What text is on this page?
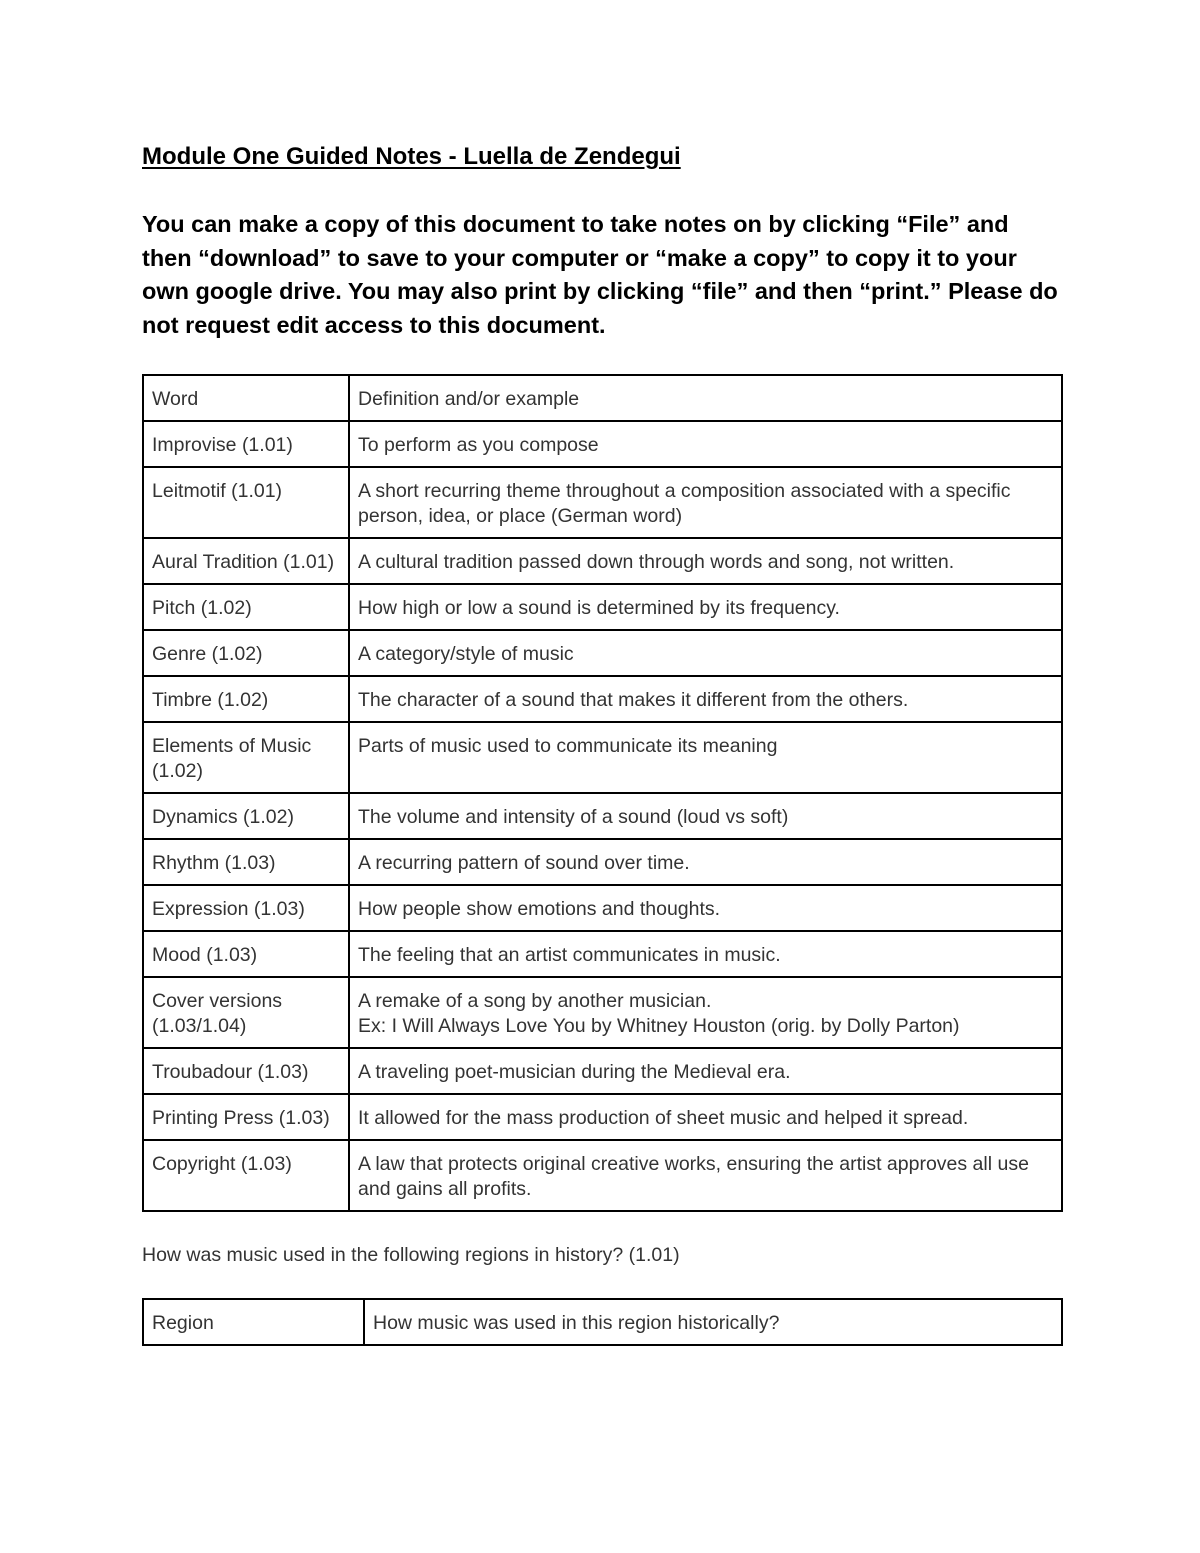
Module One Guided Notes - Luella de Zendegui

You can make a copy of this document to take notes on by clicking “File” and then “download” to save to your computer or “make a copy” to copy it to your own google drive. You may also print by clicking “file” and then “print.” Please do not request edit access to this document.

Word	Definition and/or example
Improvise (1.01)	To perform as you compose
Leitmotif (1.01)	A short recurring theme throughout a composition associated with a specific person, idea, or place (German word)
Aural Tradition (1.01)	A cultural tradition passed down through words and song, not written.
Pitch (1.02)	How high or low a sound is determined by its frequency.
Genre (1.02)	A category/style of music
Timbre (1.02)	The character of a sound that makes it different from the others.
Elements of Music (1.02)	Parts of music used to communicate its meaning
Dynamics (1.02)	The volume and intensity of a sound (loud vs soft)
Rhythm (1.03)	A recurring pattern of sound over time.
Expression (1.03)	How people show emotions and thoughts.
Mood (1.03)	The feeling that an artist communicates in music.
Cover versions (1.03/1.04)	A remake of a song by another musician.
Ex: I Will Always Love You by Whitney Houston (orig. by Dolly Parton)

Troubadour (1.03)	A traveling poet-musician during the Medieval era.
Printing Press (1.03)	It allowed for the mass production of sheet music and helped it spread.
Copyright (1.03)	A law that protects original creative works, ensuring the artist approves all use and gains all profits.

How was music used in the following regions in history? (1.01)

Region	How music was used in this region historically?
